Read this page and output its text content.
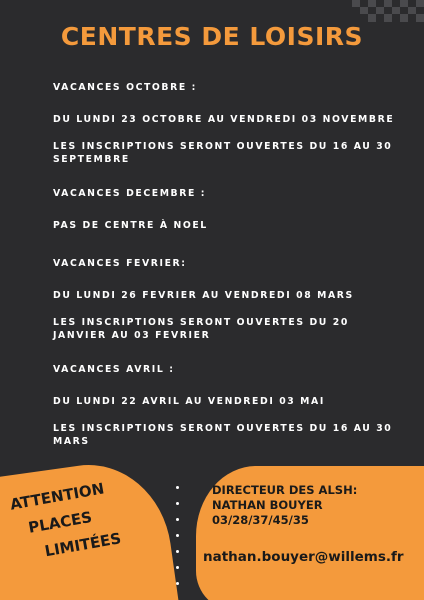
CENTRES DE LOISIRS

VACANCES OCTOBRE :

DU LUNDI 23 OCTOBRE AU VENDREDI 03 NOVEMBRE

LES INSCRIPTIONS SERONT OUVERTES DU 16 AU 30 SEPTEMBRE

VACANCES DECEMBRE :

PAS DE CENTRE À NOEL

VACANCES FEVRIER:

DU LUNDI 26 FEVRIER AU VENDREDI 08 MARS

LES INSCRIPTIONS SERONT OUVERTES DU 20 JANVIER AU 03 FEVRIER

VACANCES AVRIL :

DU LUNDI 22 AVRIL AU VENDREDI 03 MAI

LES INSCRIPTIONS SERONT OUVERTES DU 16 AU 30 MARS

ATTENTION
PLACES
LIMITÉES

DIRECTEUR DES ALSH:

NATHAN BOUYER

03/28/37/45/35

nathan.bouyer@willems.fr
